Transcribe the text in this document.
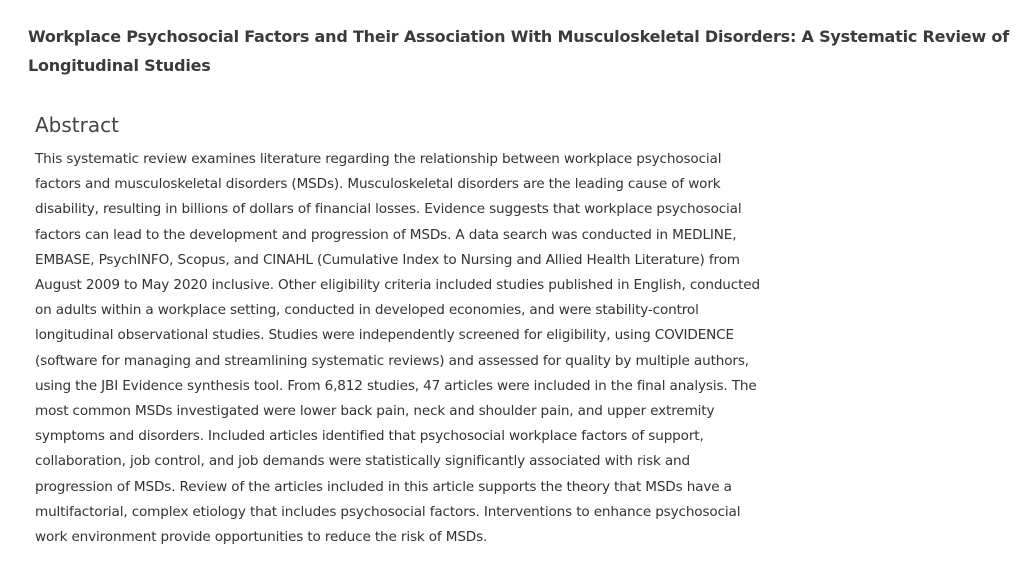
Workplace Psychosocial Factors and Their Association With Musculoskeletal Disorders: A Systematic Review of Longitudinal Studies
Abstract

This systematic review examines literature regarding the relationship between workplace psychosocial factors and musculoskeletal disorders (MSDs). Musculoskeletal disorders are the leading cause of work disability, resulting in billions of dollars of financial losses. Evidence suggests that workplace psychosocial factors can lead to the development and progression of MSDs. A data search was conducted in MEDLINE, EMBASE, PsychINFO, Scopus, and CINAHL (Cumulative Index to Nursing and Allied Health Literature) from August 2009 to May 2020 inclusive. Other eligibility criteria included studies published in English, conducted on adults within a workplace setting, conducted in developed economies, and were stability-control longitudinal observational studies. Studies were independently screened for eligibility, using COVIDENCE (software for managing and streamlining systematic reviews) and assessed for quality by multiple authors, using the JBI Evidence synthesis tool. From 6,812 studies, 47 articles were included in the final analysis. The most common MSDs investigated were lower back pain, neck and shoulder pain, and upper extremity symptoms and disorders. Included articles identified that psychosocial workplace factors of support, collaboration, job control, and job demands were statistically significantly associated with risk and progression of MSDs. Review of the articles included in this article supports the theory that MSDs have a multifactorial, complex etiology that includes psychosocial factors. Interventions to enhance psychosocial work environment provide opportunities to reduce the risk of MSDs.
